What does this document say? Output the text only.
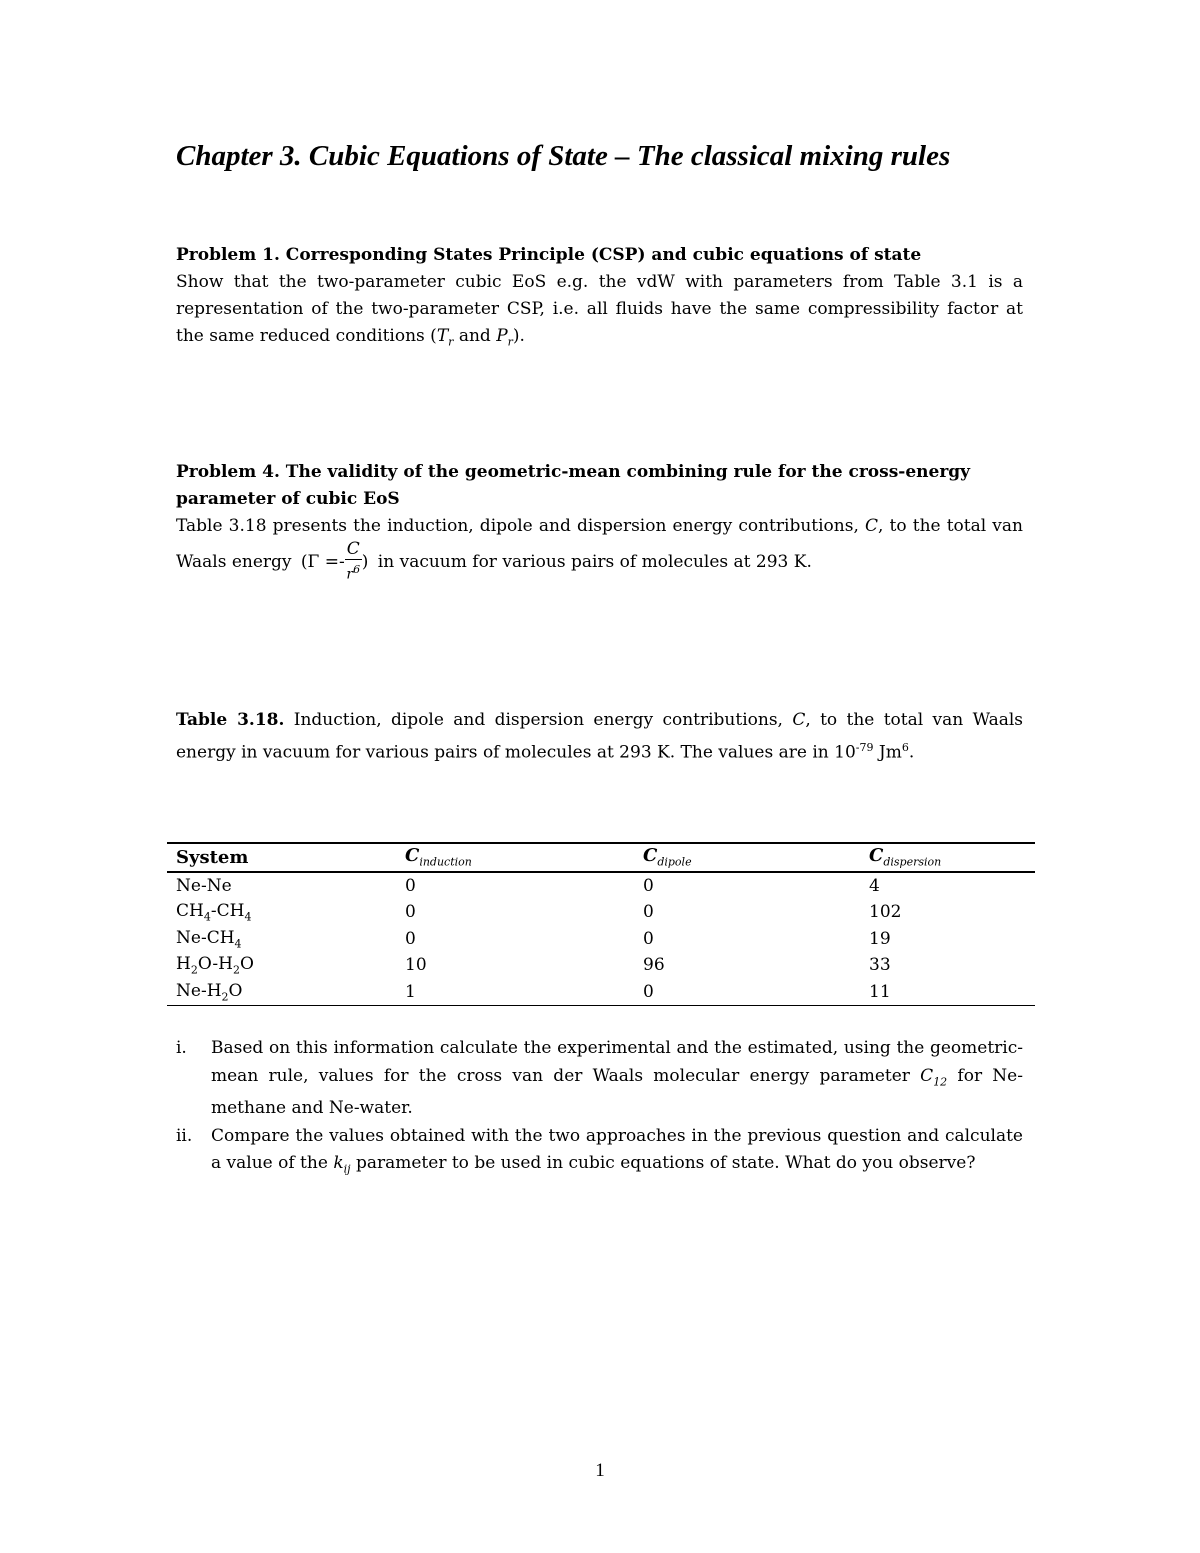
Chapter 3. Cubic Equations of State – The classical mixing rules
Problem 1. Corresponding States Principle (CSP) and cubic equations of state
Show that the two-parameter cubic EoS e.g. the vdW with parameters from Table 3.1 is a representation of the two-parameter CSP, i.e. all fluids have the same compressibility factor at the same reduced conditions ($T_r$ and $P_r$).
Problem 4. The validity of the geometric-mean combining rule for the cross-energy parameter of cubic EoS
Table 3.18 presents the induction, dipole and dispersion energy contributions, C, to the total van Waals energy ($\Gamma =- \frac{C}{r^6}$ ) in vacuum for various pairs of molecules at 293 K.
Table 3.18. Induction, dipole and dispersion energy contributions, C, to the total van Waals energy in vacuum for various pairs of molecules at 293 K. The values are in $10^{-79}$ Jm$^6$.
System	$C_{induction}$	$C_{dipole}$	$C_{dispersion}$
Ne-Ne	0	0	4
$CH_4-CH_4$	0	0	102
$Ne-CH_4$	0	0	19
$H_2O-H_2O$	10	96	33
$Ne-H_2O$	1	0	11
i. Based on this information calculate the experimental and the estimated, using the geometric-mean rule, values for the cross van der Waals molecular energy parameter $C_{12}$ for Ne-methane and Ne-water.
ii. Compare the values obtained with the two approaches in the previous question and calculate a value of the $k_{ij}$ parameter to be used in cubic equations of state. What do you observe?
1
